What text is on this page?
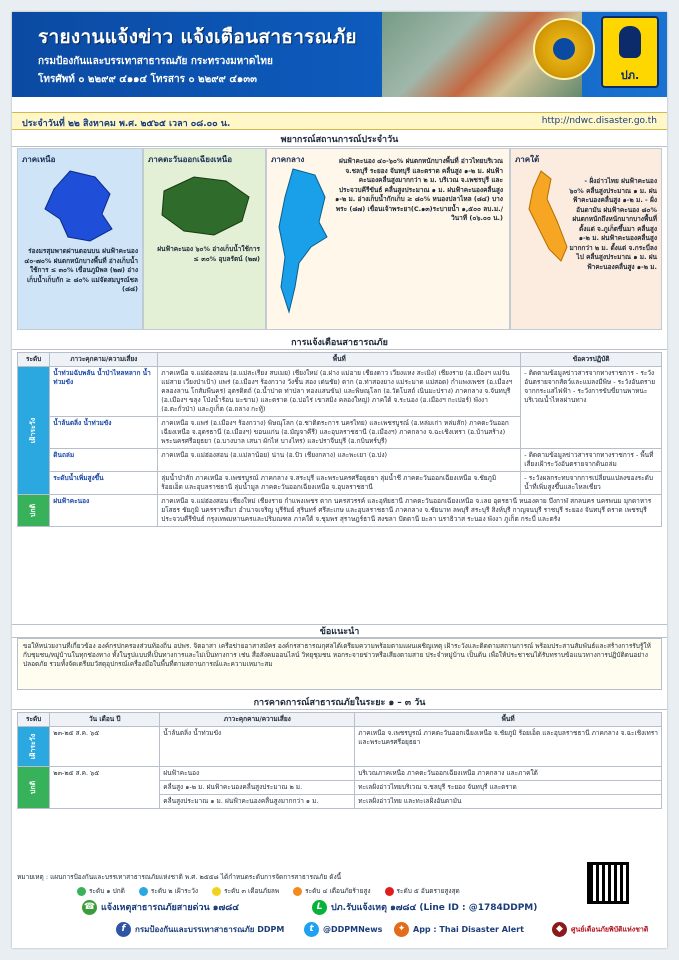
รายงานแจ้งข่าว แจ้งเตือนสาธารณภัย
กรมป้องกันและบรรเทาสาธารณภัย กระทรวงมหาดไทย
โทรศัพท์ ๐ ๒๒๙๙ ๔๑๑๔ โทรสาร ๐ ๒๒๙๙ ๔๑๓๓	ปภ.
ประจำวันที่ ๒๒ สิงหาคม พ.ศ. ๒๕๖๕ เวลา ๐๘.๐๐ น.	http://ndwc.disaster.go.th
พยากรณ์สถานการณ์ประจำวัน
ภาคเหนือ
ร่องมรสุมพาดผ่านตอนบน ฝนฟ้าคะนอง ๔๐-๗๐% ฝนตกหนักบางพื้นที่ อ่างเก็บน้ำใช้การ ≤ ๓๐% เขื่อนภูมิพล (๒๗) อ่างเก็บน้ำเก็บกัก ≥ ๘๐% แม่จัดสมบูรณ์ชล (๘๘)
ภาคตะวันออกเฉียงเหนือ
ฝนฟ้าคะนอง ๖๐% อ่างเก็บน้ำใช้การ ≤ ๓๐% อุบลรัตน์ (๒๗)
ภาคกลาง	ฝนฟ้าคะนอง ๔๐-๖๐% ฝนตกหนักบางพื้นที่ อ่าวไทยบริเวณ จ.ชลบุรี ระยอง จันทบุรี และตราด คลื่นสูง ๑-๒ ม. ฝนฟ้าคะนองคลื่นสูงมากกว่า ๒ ม. บริเวณ จ.เพชรบุรี และประจวบคีรีขันธ์ คลื่นสูงประมาณ ๑ ม. ฝนฟ้าคะนองคลื่นสูง ๑-๒ ม. อ่างเก็บน้ำกักเก็บ ≥ ๘๐% หนองปลาไหล (๘๔) บางพระ (๘๗) เขื่อนเจ้าพระยา(C.๑๓)ระบายน้ำ ๑,๕๐๐ ลบ.ม./วินาที (๐๖.๐๐ น.)
ภาคใต้
- ฝั่งอ่าวไทย ฝนฟ้าคะนอง ๖๐% คลื่นสูงประมาณ ๑ ม. ฝนฟ้าคะนองคลื่นสูง ๑-๒ ม. - ฝั่งอันดามัน ฝนฟ้าคะนอง ๘๐% ฝนตกหนักถึงหนักมากบางพื้นที่ ตั้งแต่ จ.ภูเก็ตขึ้นมา คลื่นสูง ๑-๒ ม. ฝนฟ้าคะนองคลื่นสูงมากกว่า ๒ ม. ตั้งแต่ จ.กระบี่ลงไป คลื่นสูงประมาณ ๑ ม. ฝนฟ้าคะนองคลื่นสูง ๑-๒ ม.
การแจ้งเตือนสาธารณภัย
ระดับ	ภาวะคุกคาม/ความเสี่ยง	พื้นที่	ข้อควรปฏิบัติ
เฝ้าระวัง	น้ำท่วมฉับพลัน น้ำป่าไหลหลาก น้ำท่วมขัง	ภาคเหนือ จ.แม่ฮ่องสอน (อ.แม่สะเรียง สบเมย) เชียงใหม่ (อ.ฝาง แม่อาย เชียงดาว เวียงแหง สะเมิง) เชียงราย (อ.เมืองฯ แม่จัน แม่สาย เวียงป่าเป้า) แพร่ (อ.เมืองฯ ร้องกวาง วังชิ้น สอง เด่นชัย) ตาก (อ.ท่าสองยาง แม่ระมาด แม่สอด) กำแพงเพชร (อ.เมืองฯ คลองลาน โกสัมพีนคร) อุตรดิตถ์ (อ.น้ำปาด ท่าปลา ทองแสนขัน) และพิษณุโลก (อ.วัดโบสถ์ เนินมะปราง) ภาคกลาง จ.จันทบุรี (อ.เมืองฯ ขลุง โป่งน้ำร้อน มะขาม) และตราด (อ.บ่อไร่ เขาสมิง คลองใหญ่) ภาคใต้ จ.ระนอง (อ.เมืองฯ กะเปอร์) พังงา (อ.ตะกั่วป่า) และภูเก็ต (อ.ถลาง กะทู้)	- ติดตามข้อมูลข่าวสารจากทางราชการ - ระวังอันตรายจากสัตว์และแมลงมีพิษ - ระวังอันตรายจากกระแสไฟฟ้า - ระวังการขับขี่ยานพาหนะบริเวณน้ำไหลผ่านทาง
	น้ำล้นตลิ่ง น้ำท่วมขัง	ภาคเหนือ จ.แพร่ (อ.เมืองฯ ร้องกวาง) พิษณุโลก (อ.ชาติตระการ นครไทย) และเพชรบูรณ์ (อ.หล่มเก่า หล่มสัก) ภาคตะวันออกเฉียงเหนือ จ.อุดรธานี (อ.เมืองฯ) ขอนแก่น (อ.มัญจาคีรี) และอุบลราชธานี (อ.เมืองฯ) ภาคกลาง จ.ฉะเชิงเทรา (อ.บ้านสร้าง) พระนครศรีอยุธยา (อ.บางบาล เสนา ผักไห่ บางไทร) และปราจีนบุรี (อ.กบินทร์บุรี)	
	ดินถล่ม	ภาคเหนือ จ.แม่ฮ่องสอน (อ.แม่ลาน้อย) น่าน (อ.ปัว เชียงกลาง) และพะเยา (อ.ปง)	- ติดตามข้อมูลข่าวสารจากทางราชการ - พื้นที่เสี่ยงเฝ้าระวังอันตรายจากดินถล่ม
	ระดับน้ำเพิ่มสูงขึ้น	ลุ่มน้ำป่าสัก ภาคเหนือ จ.เพชรบูรณ์ ภาคกลาง จ.สระบุรี และพระนครศรีอยุธยา ลุ่มน้ำชี ภาคตะวันออกเฉียงเหนือ จ.ชัยภูมิ ร้อยเอ็ด และอุบลราชธานี ลุ่มน้ำมูล ภาคตะวันออกเฉียงเหนือ จ.อุบลราชธานี	- ระวังผลกระทบจากการเปลี่ยนแปลงของระดับน้ำที่เพิ่มสูงขึ้นและไหลเชี่ยว
ปกติ	ฝนฟ้าคะนอง	ภาคเหนือ จ.แม่ฮ่องสอน เชียงใหม่ เชียงราย กำแพงเพชร ตาก นครสวรรค์ และอุทัยธานี ภาคตะวันออกเฉียงเหนือ จ.เลย อุดรธานี หนองคาย บึงกาฬ สกลนคร นครพนม มุกดาหาร ยโสธร ชัยภูมิ นครราชสีมา อำนาจเจริญ บุรีรัมย์ สุรินทร์ ศรีสะเกษ และอุบลราชธานี ภาคกลาง จ.ชัยนาท ลพบุรี สระบุรี สิงห์บุรี กาญจนบุรี ราชบุรี ระยอง จันทบุรี ตราด เพชรบุรี ประจวบคีรีขันธ์ กรุงเทพมหานครและปริมณฑล ภาคใต้ จ.ชุมพร สุราษฎร์ธานี สงขลา ปัตตานี ยะลา นราธิวาส ระนอง พังงา ภูเก็ต กระบี่ และตรัง	
ข้อแนะนำ
ขอให้หน่วยงานที่เกี่ยวข้อง องค์กรปกครองส่วนท้องถิ่น อปพร. จิตอาสา เครือข่ายอาสาสมัคร องค์กรสาธารณกุศลได้เตรียมความพร้อมตามแผนเผชิญเหตุ เฝ้าระวังและติดตามสถานการณ์ พร้อมประสานสัมพันธ์และสร้างการรับรู้ให้กับชุมชน/หมู่บ้านในทุกช่องทาง ทั้งในรูปแบบที่เป็นทางการและไม่เป็นทางการ เช่น สื่อสังคมออนไลน์ วิทยุชุมชน หอกระจายข่าวหรือเสียงตามสาย ประจำหมู่บ้าน เป็นต้น เพื่อให้ประชาชนได้รับทราบข้อแนวทางการปฏิบัติตนอย่างปลอดภัย รวมทั้งจัดเตรียมวัสดุอุปกรณ์เครื่องมือในพื้นที่ตามสถานการณ์และความเหมาะสม
การคาดการณ์สาธารณภัยในระยะ ๑ – ๓ วัน
ระดับ	วัน เดือน ปี	ภาวะคุกคาม/ความเสี่ยง	พื้นที่
เฝ้าระวัง	๒๓-๒๕ ส.ค. ๖๕	น้ำล้นตลิ่ง น้ำท่วมขัง	ภาคเหนือ จ.เพชรบูรณ์ ภาคตะวันออกเฉียงเหนือ จ.ชัยภูมิ ร้อยเอ็ด และอุบลราชธานี ภาคกลาง จ.ฉะเชิงเทรา และพระนครศรีอยุธยา
ปกติ	๒๓-๒๕ ส.ค. ๖๕	ฝนฟ้าคะนอง	บริเวณภาคเหนือ ภาคตะวันออกเฉียงเหนือ ภาคกลาง และภาคใต้
		คลื่นสูง ๑-๒ ม. ฝนฟ้าคะนองคลื่นสูงประมาณ ๒ ม.	ทะเลฝั่งอ่าวไทยบริเวณ จ.ชลบุรี ระยอง จันทบุรี และตราด
		คลื่นสูงประมาณ ๑ ม. ฝนฟ้าคะนองคลื่นสูงมากกว่า ๑ ม.	ทะเลฝั่งอ่าวไทย และทะเลฝั่งอันดามัน
หมายเหตุ : แผนการป้องกันและบรรเทาสาธารณภัยแห่งชาติ พ.ศ. ๒๕๕๘ ได้กำหนดระดับการจัดการสาธารณภัย ดังนี้
ระดับ ๑ ปกติ	ระดับ ๒ เฝ้าระวัง	ระดับ ๓ เตือนภัยลพ	ระดับ ๔ เตือนภัยร้ายสูง	ระดับ ๕ อันตรายสูงสุด
☎ แจ้งเหตุสาธารณภัยสายด่วน ๑๗๘๔	L ปภ.รับแจ้งเหตุ ๑๗๘๔ (Line ID : @1784DDPM)
f กรมป้องกันและบรรเทาสาธารณภัย DDPM	t @DDPMNews	✦ App : Thai Disaster Alert	◆ ศูนย์เตือนภัยพิบัติแห่งชาติ
